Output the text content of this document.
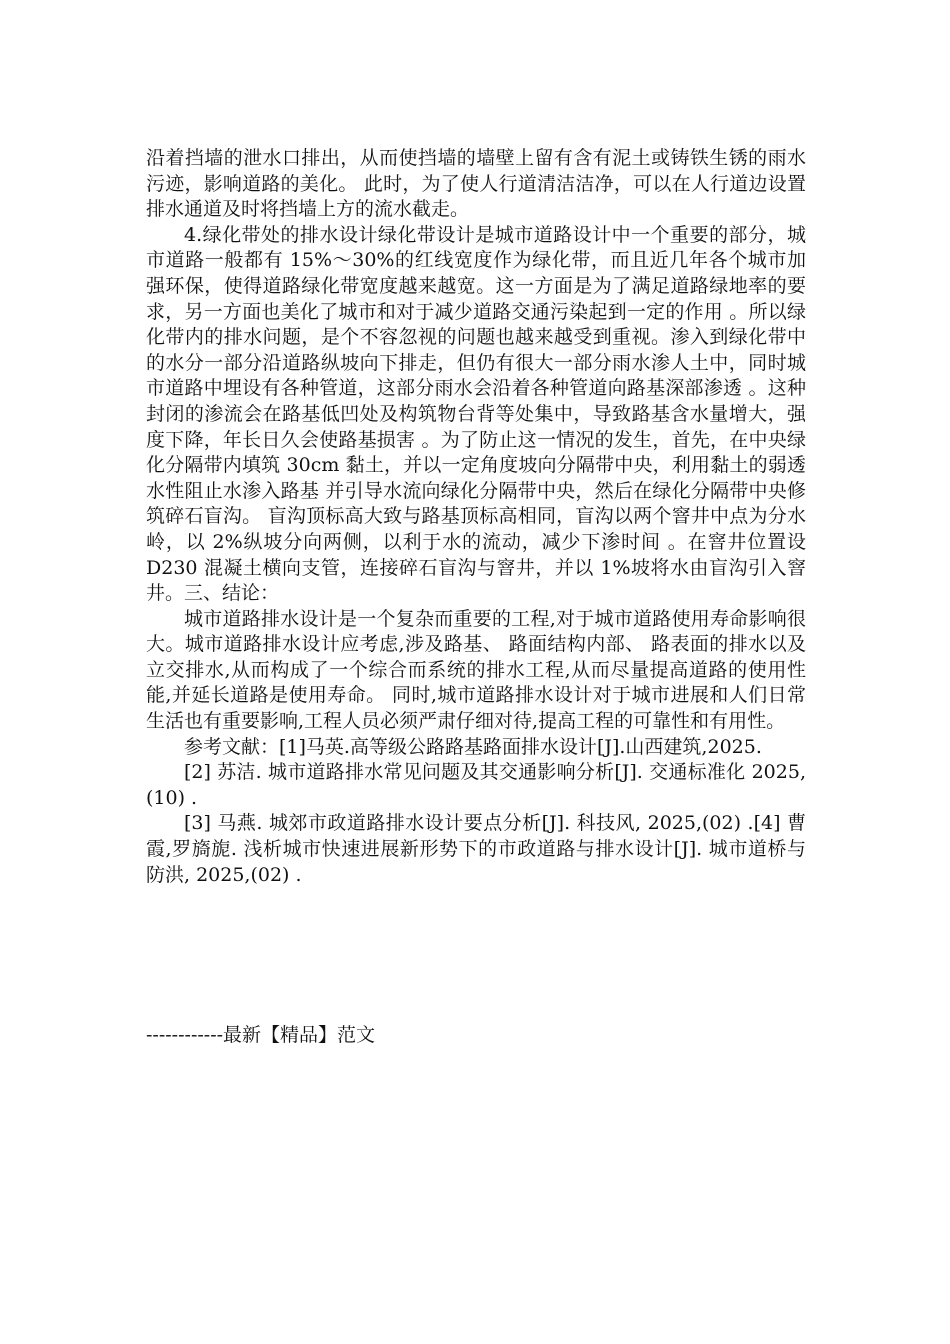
沿着挡墙的泄水口排出，从而使挡墙的墙壁上留有含有泥土或铸铁生锈的雨水污迹，影响道路的美化。 此时，为了使人行道清洁洁净，可以在人行道边设置排水通道及时将挡墙上方的流水截走。

4.绿化带处的排水设计绿化带设计是城市道路设计中一个重要的部分，城市道路一般都有 15%～30%的红线宽度作为绿化带，而且近几年各个城市加强环保，使得道路绿化带宽度越来越宽。这一方面是为了满足道路绿地率的要求，另一方面也美化了城市和对于减少道路交通污染起到一定的作用 。所以绿化带内的排水问题，是个不容忽视的问题也越来越受到重视。渗入到绿化带中的水分一部分沿道路纵坡向下排走，但仍有很大一部分雨水渗人土中，同时城市道路中埋设有各种管道，这部分雨水会沿着各种管道向路基深部渗透 。这种封闭的渗流会在路基低凹处及构筑物台背等处集中，导致路基含水量增大，强度下降，年长日久会使路基损害 。为了防止这一情况的发生，首先，在中央绿化分隔带内填筑 30cm 黏土，并以一定角度坡向分隔带中央，利用黏土的弱透水性阻止水渗入路基 并引导水流向绿化分隔带中央，然后在绿化分隔带中央修筑碎石盲沟。 盲沟顶标高大致与路基顶标高相同，盲沟以两个窨井中点为分水岭，以 2%纵坡分向两侧，以利于水的流动，减少下渗时间 。在窨井位置设 D230 混凝土横向支管，连接碎石盲沟与窨井，并以 1%坡将水由盲沟引入窨井。三、结论：

城市道路排水设计是一个复杂而重要的工程,对于城市道路使用寿命影响很大。城市道路排水设计应考虑,涉及路基、 路面结构内部、 路表面的排水以及立交排水,从而构成了一个综合而系统的排水工程,从而尽量提高道路的使用性能,并延长道路是使用寿命。 同时,城市道路排水设计对于城市进展和人们日常生活也有重要影响,工程人员必须严肃仔细对待,提高工程的可靠性和有用性。

参考文献：[1]马英.高等级公路路基路面排水设计[J].山西建筑,2025.

[2] 苏洁. 城市道路排水常见问题及其交通影响分析[J]. 交通标准化 2025,(10) .

[3] 马燕. 城郊市政道路排水设计要点分析[J]. 科技风, 2025,(02) .[4] 曹霞,罗旖旎. 浅析城市快速进展新形势下的市政道路与排水设计[J]. 城市道桥与防洪, 2025,(02) .

------------最新【精品】范文
